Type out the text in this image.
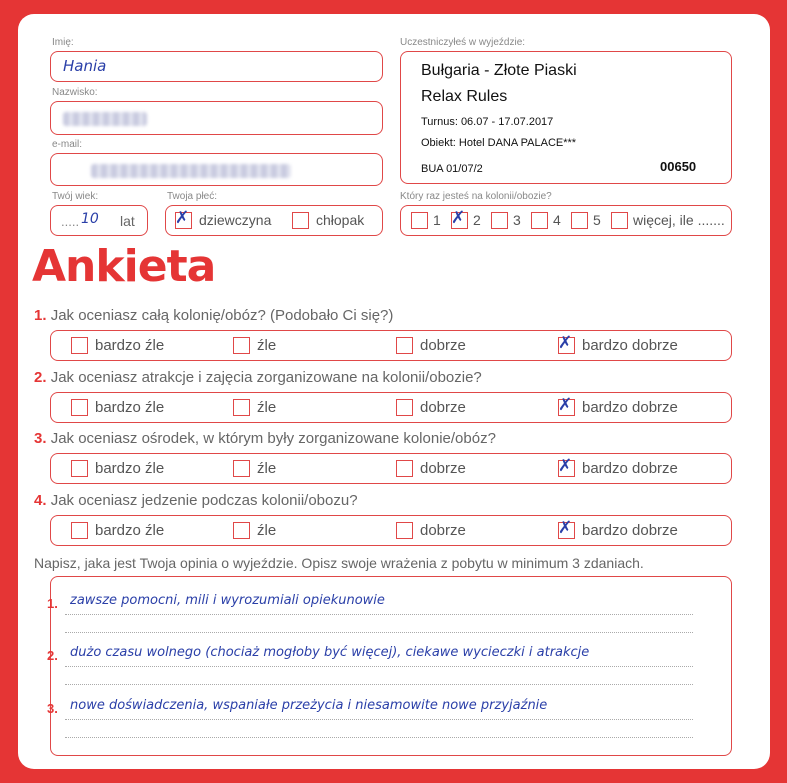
Imię:
Hania
Nazwisko:
e-mail:
Twój wiek:
..... 10 lat
Twoja płeć:
✗ dziewczyna	chłopak
Uczestniczyłeś w wyjeździe:
Bułgaria - Złote Piaski
Relax Rules
Turnus: 06.07 - 17.07.2017
Obiekt: Hotel DANA PALACE***
BUA 01/07/2	00650
Który raz jesteś na kolonii/obozie?
1 ✗ 2 3 4 5 więcej, ile .......
Ankieta
1. Jak oceniasz całą kolonię/obóz? (Podobało Ci się?)
bardzo źle	źle	dobrze	✗ bardzo dobrze
2. Jak oceniasz atrakcje i zajęcia zorganizowane na kolonii/obozie?
bardzo źle	źle	dobrze	✗ bardzo dobrze
3. Jak oceniasz ośrodek, w którym były zorganizowane kolonie/obóz?
bardzo źle	źle	dobrze	✗ bardzo dobrze
4. Jak oceniasz jedzenie podczas kolonii/obozu?
bardzo źle	źle	dobrze	✗ bardzo dobrze
Napisz, jaka jest Twoja opinia o wyjeździe. Opisz swoje wrażenia z pobytu w minimum 3 zdaniach.
1. zawsze pomocni, mili i wyrozumiali opiekunowie
2. dużo czasu wolnego (chociaż mogłoby być więcej), ciekawe wycieczki i atrakcje
3. nowe doświadczenia, wspaniałe przeżycia i niesamowite nowe przyjaźnie
